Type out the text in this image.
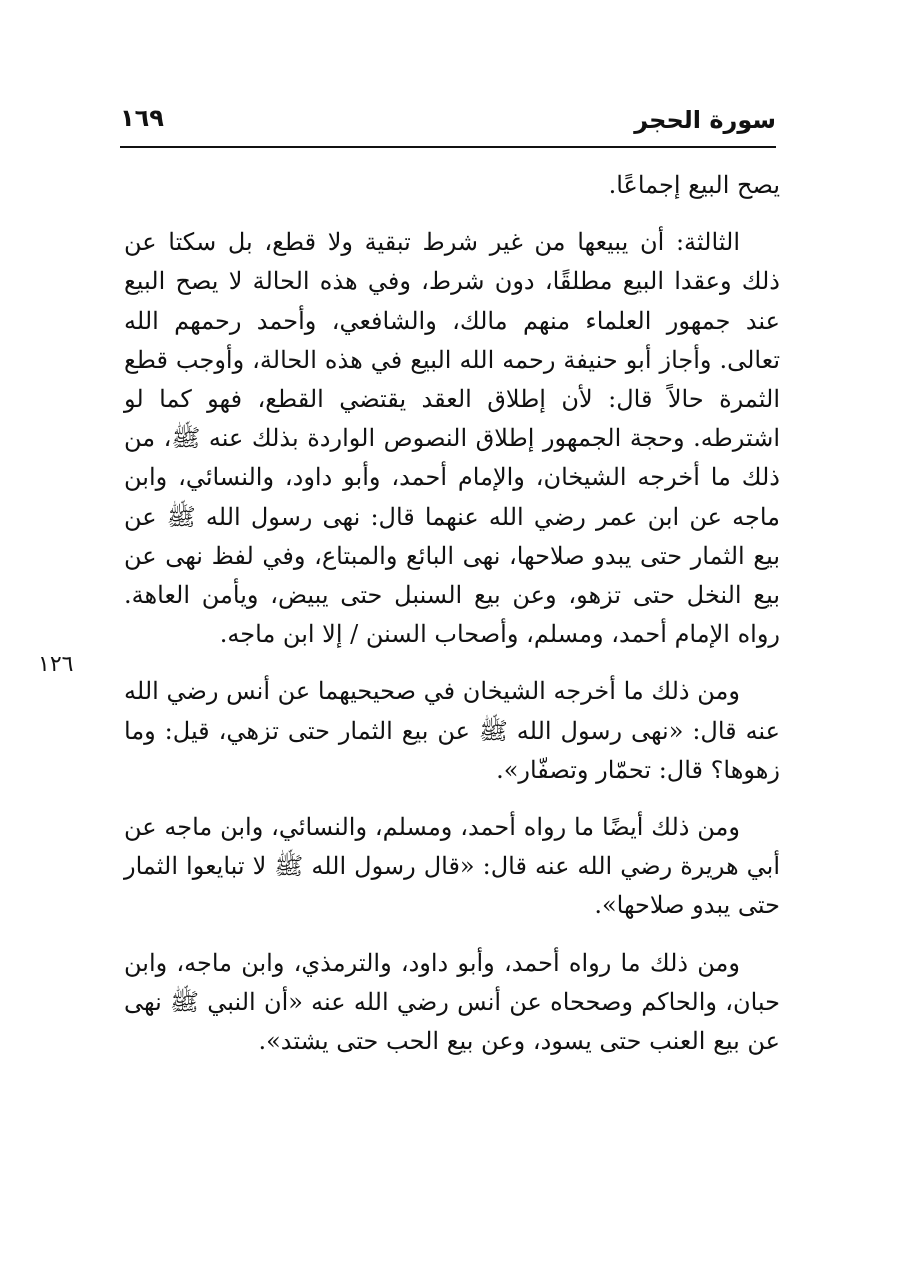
سورة الحجر
١٦٩
١٢٦

يصح البيع إجماعًا.

الثالثة: أن يبيعها من غير شرط تبقية ولا قطع، بل سكتا عن ذلك وعقدا البيع مطلقًا، دون شرط، وفي هذه الحالة لا يصح البيع عند جمهور العلماء منهم مالك، والشافعي، وأحمد رحمهم الله تعالى. وأجاز أبو حنيفة رحمه الله البيع في هذه الحالة، وأوجب قطع الثمرة حالاً قال: لأن إطلاق العقد يقتضي القطع، فهو كما لو اشترطه. وحجة الجمهور إطلاق النصوص الواردة بذلك عنه ﷺ، من ذلك ما أخرجه الشيخان، والإمام أحمد، وأبو داود، والنسائي، وابن ماجه عن ابن عمر رضي الله عنهما قال: نهى رسول الله ﷺ عن بيع الثمار حتى يبدو صلاحها، نهى البائع والمبتاع، وفي لفظ نهى عن بيع النخل حتى تزهو، وعن بيع السنبل حتى يبيض، ويأمن العاهة. رواه الإمام أحمد، ومسلم، وأصحاب السنن / إلا ابن ماجه.

ومن ذلك ما أخرجه الشيخان في صحيحيهما عن أنس رضي الله عنه قال: «نهى رسول الله ﷺ عن بيع الثمار حتى تزهي، قيل: وما زهوها؟ قال: تحمّار وتصفّار».

ومن ذلك أيضًا ما رواه أحمد، ومسلم، والنسائي، وابن ماجه عن أبي هريرة رضي الله عنه قال: «قال رسول الله ﷺ لا تبايعوا الثمار حتى يبدو صلاحها».

ومن ذلك ما رواه أحمد، وأبو داود، والترمذي، وابن ماجه، وابن حبان، والحاكم وصححاه عن أنس رضي الله عنه «أن النبي ﷺ نهى عن بيع العنب حتى يسود، وعن بيع الحب حتى يشتد».
